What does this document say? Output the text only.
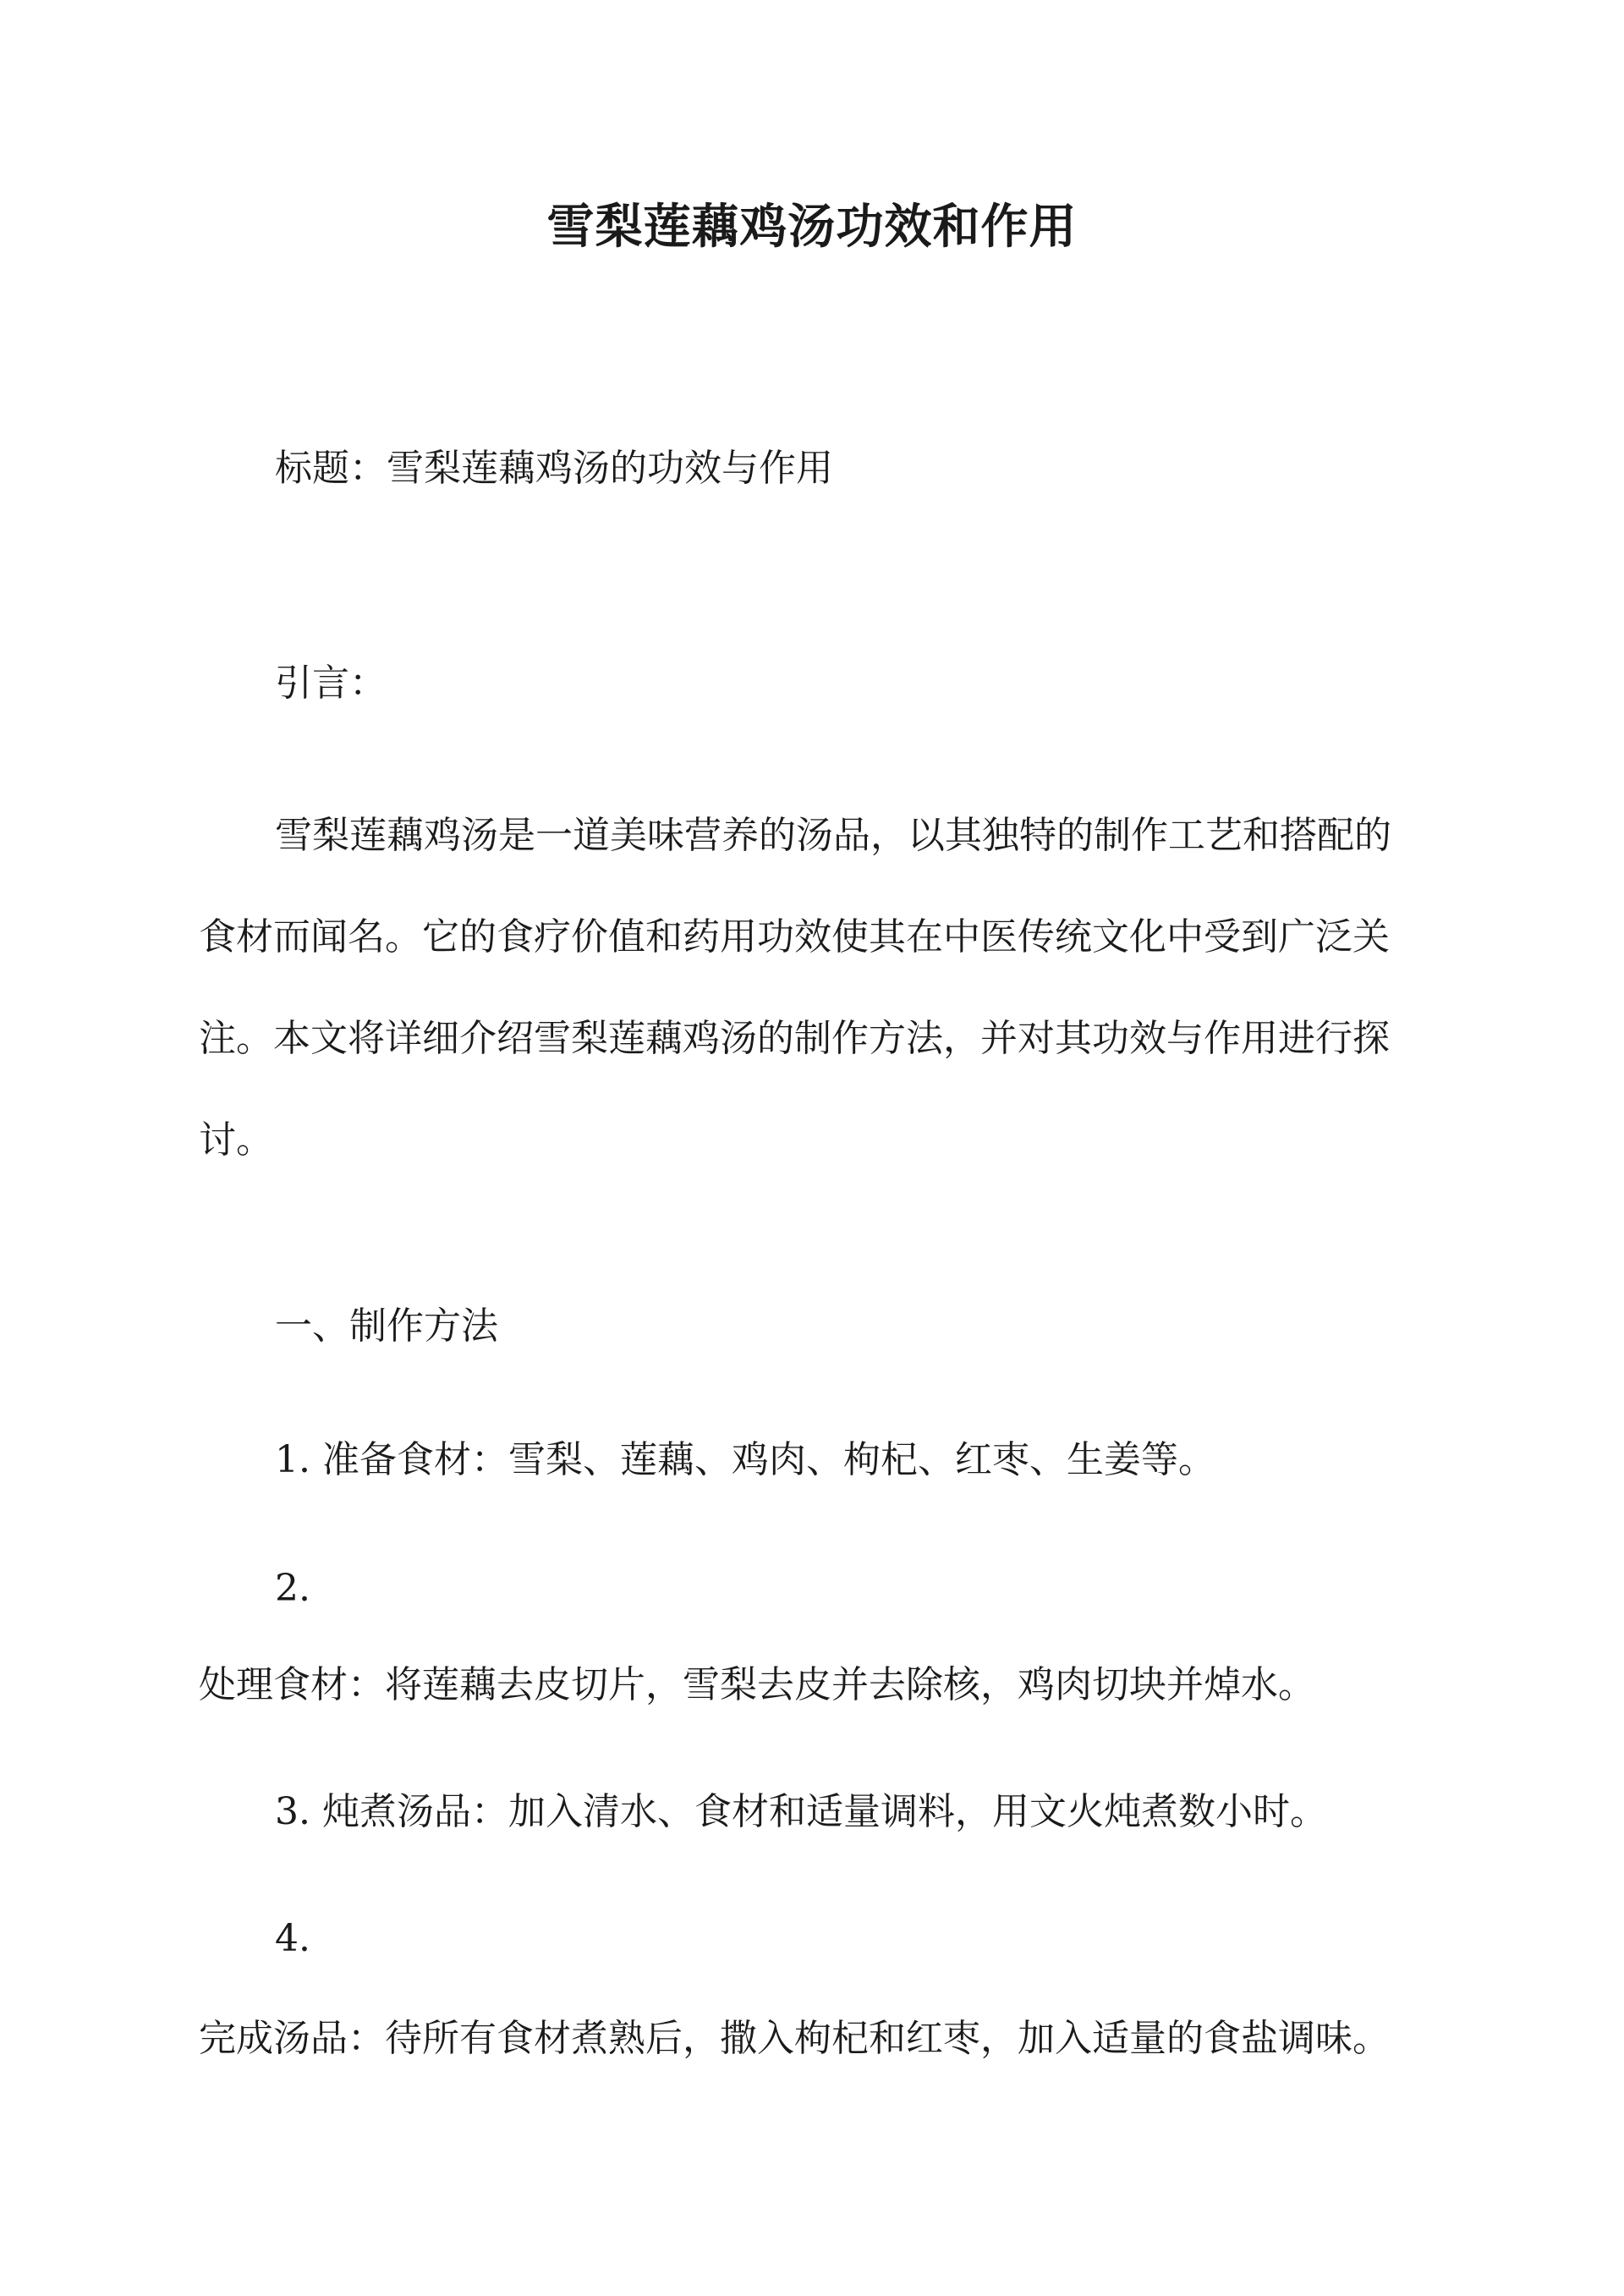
雪梨莲藕鸡汤功效和作用
标题：雪梨莲藕鸡汤的功效与作用
引言：
雪梨莲藕鸡汤是一道美味营养的汤品，以其独特的制作工艺和搭配的
食材而闻名。它的食疗价值和药用功效使其在中医传统文化中受到广泛关
注。本文将详细介绍雪梨莲藕鸡汤的制作方法，并对其功效与作用进行探
讨。
一、制作方法
1. 准备食材：雪梨、莲藕、鸡肉、枸杞、红枣、生姜等。
2.
处理食材：将莲藕去皮切片，雪梨去皮并去除核，鸡肉切块并焯水。
3. 炖煮汤品：加入清水、食材和适量调料，用文火炖煮数小时。
4.
完成汤品：待所有食材煮熟后，撒入枸杞和红枣，加入适量的食盐调味。
